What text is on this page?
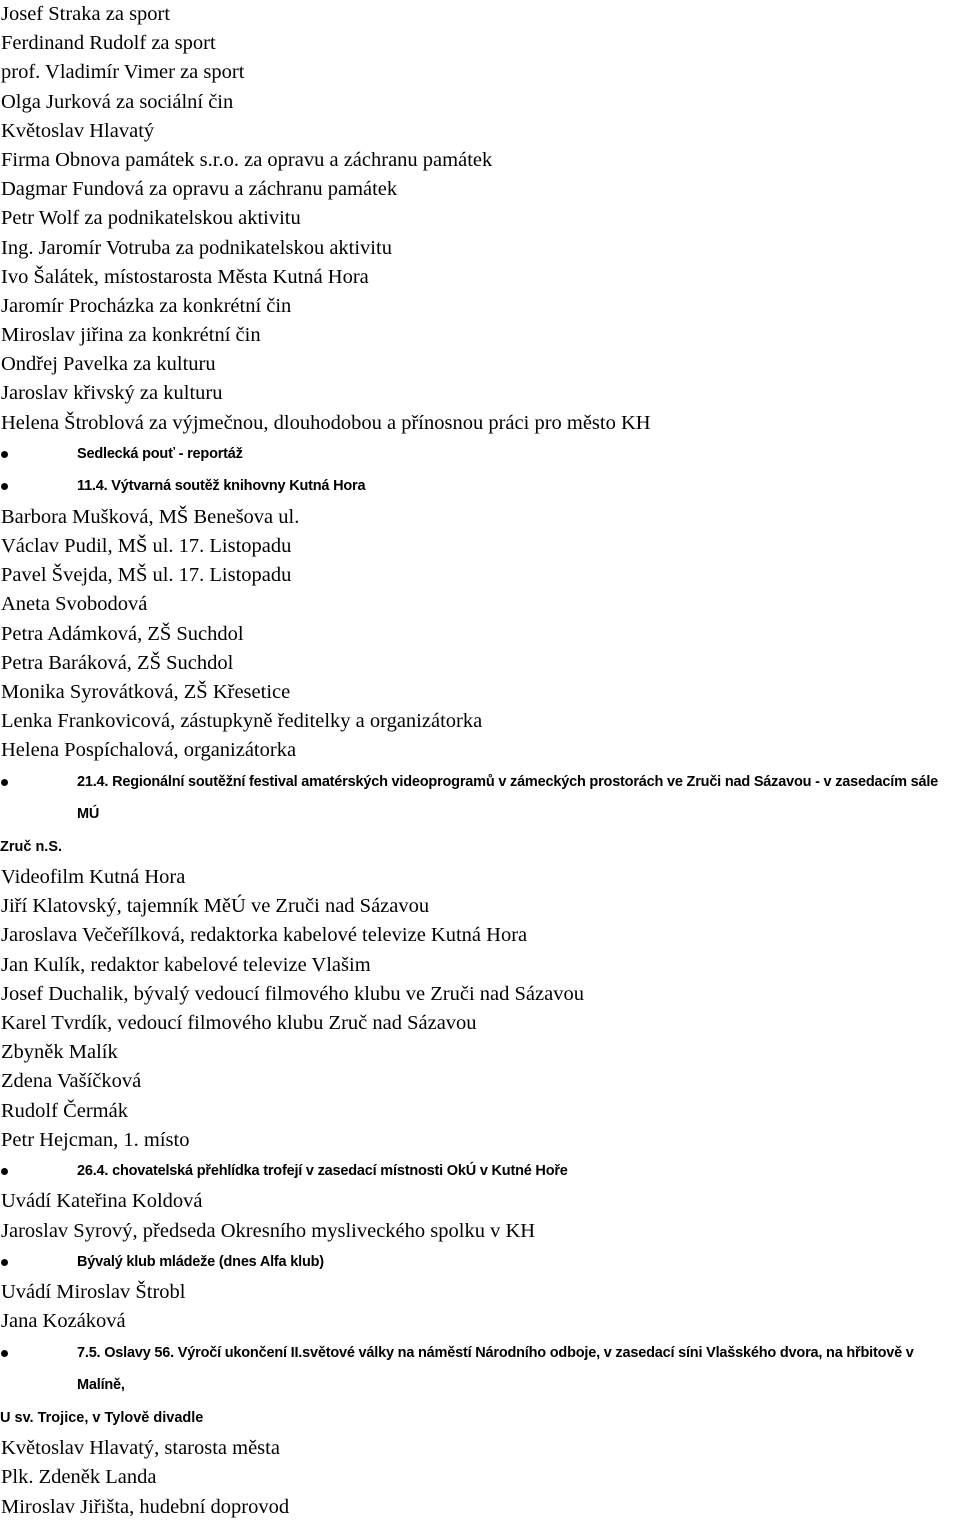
Josef Straka za sport
Ferdinand Rudolf za sport
prof. Vladimír Vimer za sport
Olga Jurková za sociální čin
Květoslav Hlavatý
Firma Obnova památek s.r.o. za opravu a záchranu památek
Dagmar Fundová za opravu a záchranu památek
Petr Wolf za podnikatelskou aktivitu
Ing. Jaromír Votruba za podnikatelskou aktivitu
Ivo Šalátek, místostarosta Města Kutná Hora
Jaromír Procházka za konkrétní čin
Miroslav jiřina za konkrétní čin
Ondřej Pavelka za kulturu
Jaroslav křivský za kulturu
Helena Štroblová za výjmečnou, dlouhodobou a přínosnou práci pro město KH
Sedlecká pouť - reportáž
11.4. Výtvarná soutěž knihovny Kutná Hora
Barbora Mušková, MŠ Benešova ul.
Václav Pudil, MŠ ul. 17. Listopadu
Pavel Švejda, MŠ ul. 17. Listopadu
Aneta Svobodová
Petra Adámková, ZŠ Suchdol
Petra Baráková, ZŠ Suchdol
Monika Syrovátková, ZŠ Křesetice
Lenka Frankovicová, zástupkyně ředitelky a organizátorka
Helena Pospíchalová, organizátorka
21.4. Regionální soutěžní festival amatérských videoprogramů v zámeckých prostorách ve Zruči nad Sázavou - v zasedacím sále MÚ
Zruč n.S.
Videofilm Kutná Hora
Jiří Klatovský, tajemník MěÚ ve Zruči nad Sázavou
Jaroslava Večeřílková, redaktorka kabelové televize Kutná Hora
Jan Kulík, redaktor kabelové televize Vlašim
Josef Duchalik, bývalý vedoucí filmového klubu ve Zruči nad Sázavou
Karel Tvrdík, vedoucí filmového klubu Zruč nad Sázavou
Zbyněk Malík
Zdena Vašíčková
Rudolf Čermák
Petr Hejcman, 1. místo
26.4. chovatelská přehlídka trofejí v zasedací místnosti OkÚ v Kutné Hoře
Uvádí Kateřina Koldová
Jaroslav Syrový, předseda Okresního mysliveckého spolku v KH
Bývalý klub mládeže (dnes Alfa klub)
Uvádí Miroslav Štrobl
Jana Kozáková
7.5. Oslavy 56. Výročí ukončení II.světové války na náměstí Národního odboje, v zasedací síni Vlašského dvora, na hřbitově v Malíně,
U sv. Trojice, v Tylově divadle
Květoslav Hlavatý, starosta města
Plk. Zdeněk Landa
Miroslav Jiřišta, hudební doprovod
